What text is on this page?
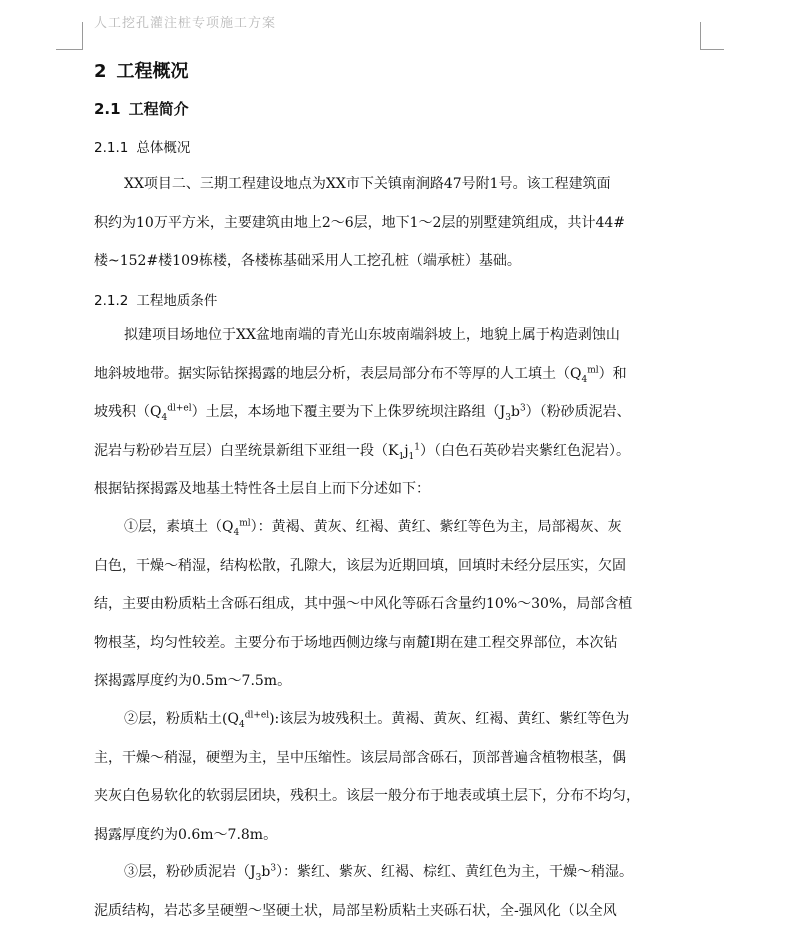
人工挖孔灌注桩专项施工方案
2 工程概况
2.1 工程简介
2.1.1 总体概况
XX项目二、三期工程建设地点为XX市下关镇南涧路47号附1号。该工程建筑面
积约为10万平方米，主要建筑由地上2～6层，地下1～2层的别墅建筑组成，共计44#
楼~152#楼109栋楼，各楼栋基础采用人工挖孔桩（端承桩）基础。
2.1.2 工程地质条件
拟建项目场地位于XX盆地南端的青光山东坡南端斜坡上，地貌上属于构造剥蚀山
地斜坡地带。据实际钻探揭露的地层分析，表层局部分布不等厚的人工填土$(Q_4^{ml})$和
坡残积$(Q_4^{dl+el})$土层，本场地下覆主要为下上侏罗统坝注路组$(J_3b^3)$（粉砂质泥岩、
泥岩与粉砂岩互层）白垩统景新组下亚组一段$(K_1j_1^1)$（白色石英砂岩夹紫红色泥岩）。
根据钻探揭露及地基土特性各土层自上而下分述如下：
①层，素填土$(Q_4^{ml})$：黄褐、黄灰、红褐、黄红、紫红等色为主，局部褐灰、灰
白色，干燥～稍湿，结构松散，孔隙大，该层为近期回填，回填时未经分层压实，欠固
结，主要由粉质粘土含砾石组成，其中强～中风化等砾石含量约10%～30%，局部含植
物根茎，均匀性较差。主要分布于场地西侧边缘与南麓Ⅰ期在建工程交界部位，本次钻
探揭露厚度约为0.5m～7.5m。
②层，粉质粘土$(Q_4^{dl+el})$:该层为坡残积土。黄褐、黄灰、红褐、黄红、紫红等色为
主，干燥～稍湿，硬塑为主，呈中压缩性。该层局部含砾石，顶部普遍含植物根茎，偶
夹灰白色易软化的软弱层团块，残积土。该层一般分布于地表或填土层下，分布不均匀，
揭露厚度约为0.6m～7.8m。
③层，粉砂质泥岩$(J_3b^3)$：紫红、紫灰、红褐、棕红、黄红色为主，干燥～稍湿。
泥质结构，岩芯多呈硬塑～坚硬土状，局部呈粉质粘土夹砾石状，全-强风化（以全风
